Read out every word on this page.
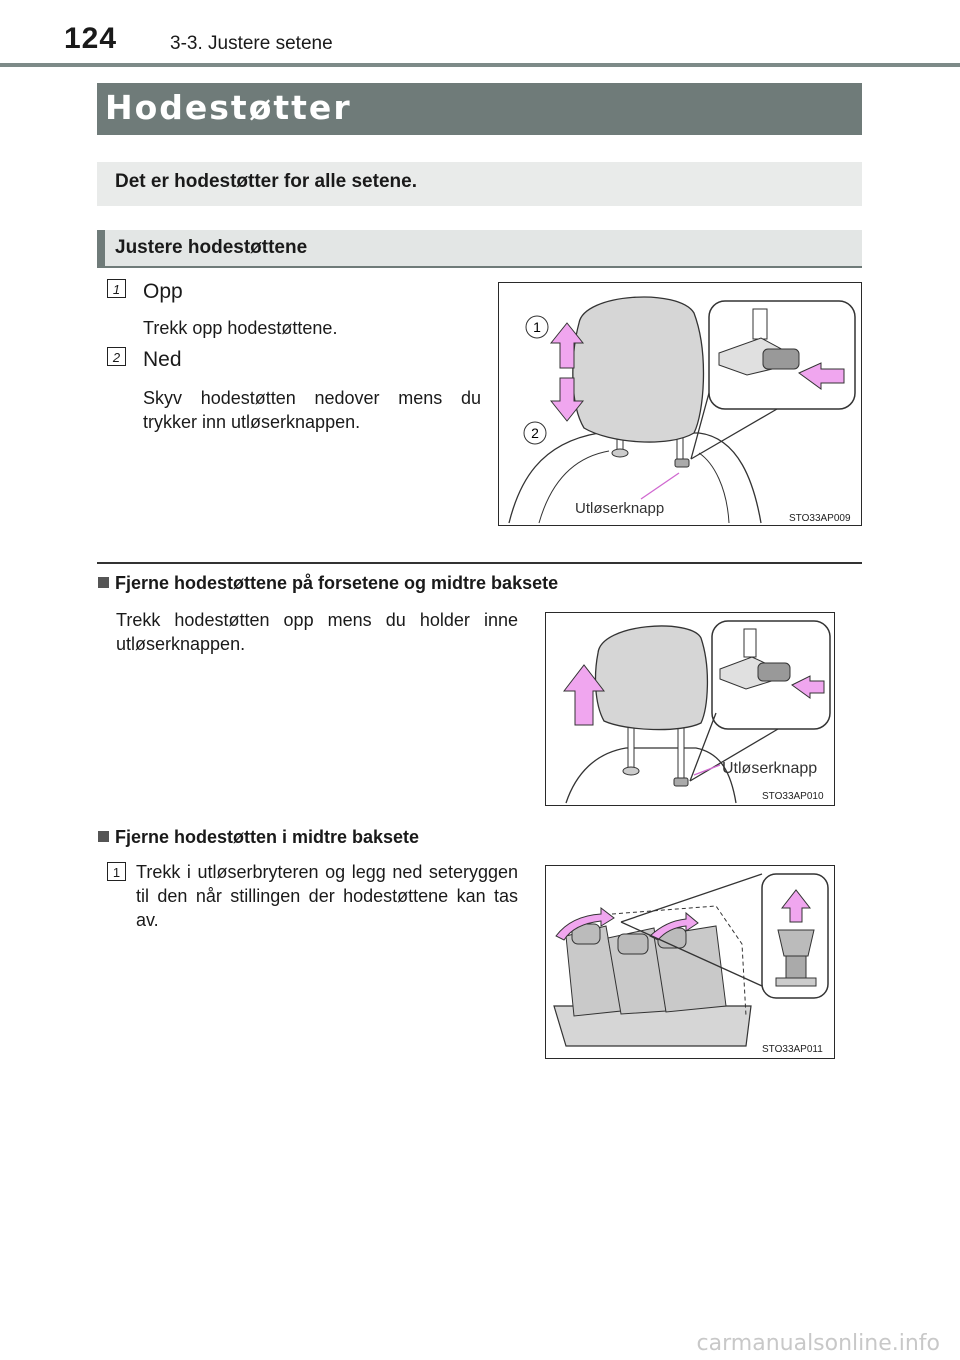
124	3-3. Justere setene
Hodestøtter
Det er hodestøtter for alle setene.
Justere hodestøttene
1 Opp
Trekk opp hodestøttene.
2 Ned
Skyv hodestøtten nedover mens du trykker inn utløserknappen.
1
2
Utløserknapp
STO33AP009
Fjerne hodestøttene på forsetene og midtre baksete
Trekk hodestøtten opp mens du holder inne utløserknappen.
Utløserknapp
STO33AP010
Fjerne hodestøtten i midtre baksete
1 Trekk i utløserbryteren og legg ned seteryggen til den når stillingen der hodestøttene kan tas av.
STO33AP011
carmanualsonline.info
